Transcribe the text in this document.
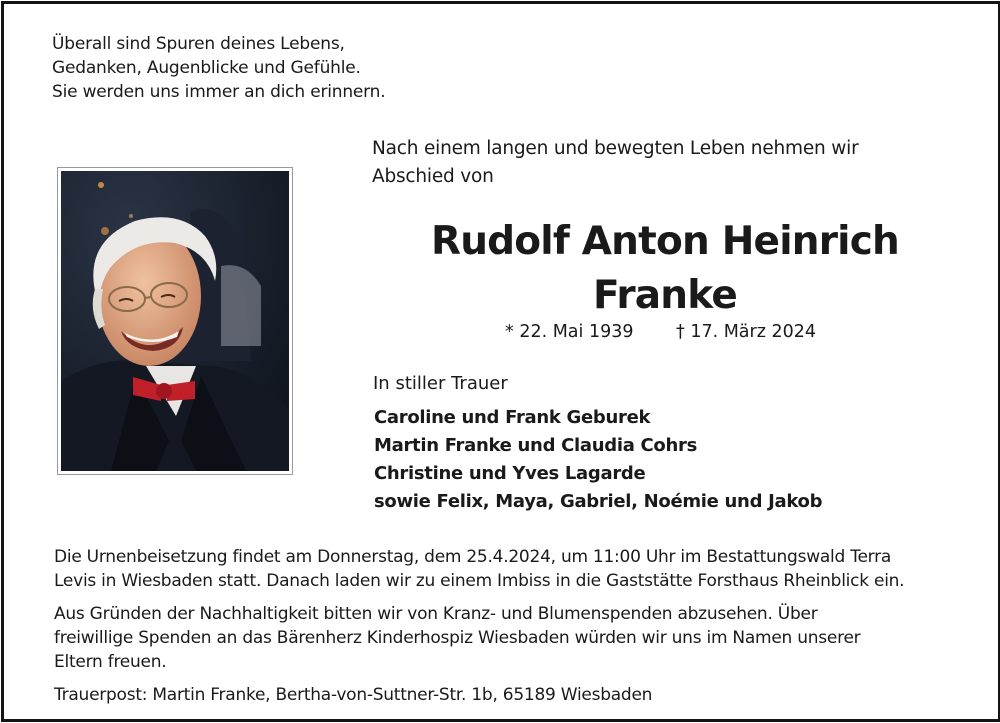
Überall sind Spuren deines Lebens,
Gedanken, Augenblicke und Gefühle.
Sie werden uns immer an dich erinnern.
Nach einem langen und bewegten Leben nehmen wir
Abschied von
Rudolf Anton Heinrich
Franke
* 22. Mai 1939 † 17. März 2024
In stiller Trauer
Caroline und Frank Geburek
Martin Franke und Claudia Cohrs
Christine und Yves Lagarde
sowie Felix, Maya, Gabriel, Noémie und Jakob
Die Urnenbeisetzung findet am Donnerstag, dem 25.4.2024, um 11:00 Uhr im Bestattungswald Terra
Levis in Wiesbaden statt. Danach laden wir zu einem Imbiss in die Gaststätte Forsthaus Rheinblick ein.
Aus Gründen der Nachhaltigkeit bitten wir von Kranz- und Blumenspenden abzusehen. Über
freiwillige Spenden an das Bärenherz Kinderhospiz Wiesbaden würden wir uns im Namen unserer
Eltern freuen.
Trauerpost: Martin Franke, Bertha-von-Suttner-Str. 1b, 65189 Wiesbaden
